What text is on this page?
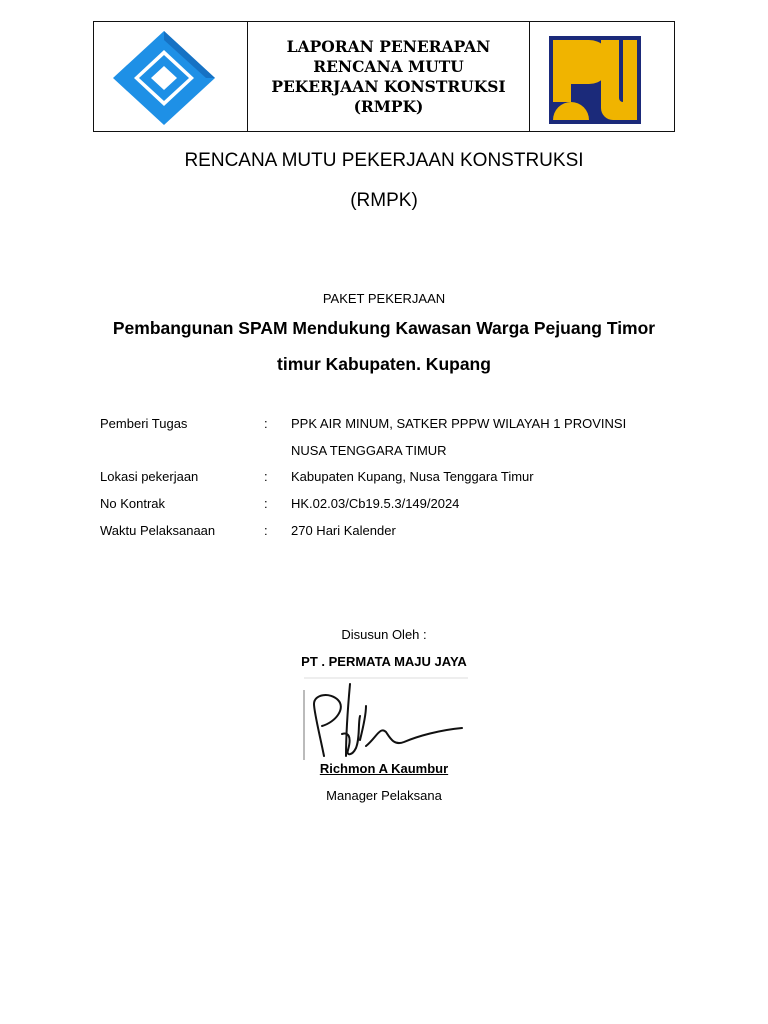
LAPORAN PENERAPAN
RENCANA MUTU
PEKERJAAN KONSTRUKSI
(RMPK)
RENCANA MUTU PEKERJAAN KONSTRUKSI
(RMPK)
PAKET PEKERJAAN
Pembangunan SPAM Mendukung Kawasan Warga Pejuang Timor
timur Kabupaten. Kupang
Pemberi Tugas	: PPK AIR MINUM, SATKER PPPW WILAYAH 1 PROVINSI
NUSA TENGGARA TIMUR
Lokasi pekerjaan	: Kabupaten Kupang, Nusa Tenggara Timur
No Kontrak	: HK.02.03/Cb19.5.3/149/2024
Waktu Pelaksanaan	: 270 Hari Kalender
Disusun Oleh :
PT . PERMATA MAJU JAYA
Richmon A Kaumbur
Manager Pelaksana
